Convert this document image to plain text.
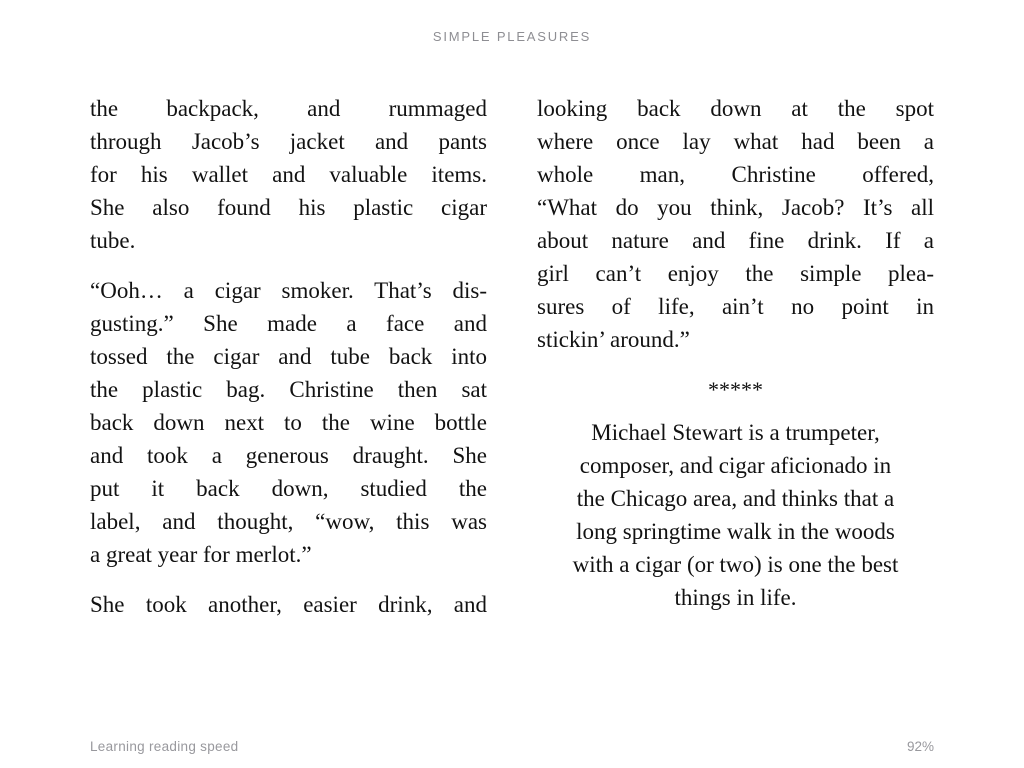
SIMPLE PLEASURES
the backpack, and rummaged
through Jacob’s jacket and pants
for his wallet and valuable items.
She also found his plastic cigar
tube.
“Ooh… a cigar smoker. That’s dis-
gusting.” She made a face and
tossed the cigar and tube back into
the plastic bag. Christine then sat
back down next to the wine bottle
and took a generous draught. She
put it back down, studied the
label, and thought, “wow, this was
a great year for merlot.”
She took another, easier drink, and
looking back down at the spot
where once lay what had been a
whole man, Christine offered,
“What do you think, Jacob? It’s all
about nature and fine drink. If a
girl can’t enjoy the simple plea-
sures of life, ain’t no point in
stickin’ around.”
*****
Michael Stewart is a trumpeter,
composer, and cigar aficionado in
the Chicago area, and thinks that a
long springtime walk in the woods
with a cigar (or two) is one the best
things in life.
Learning reading speed	92%
